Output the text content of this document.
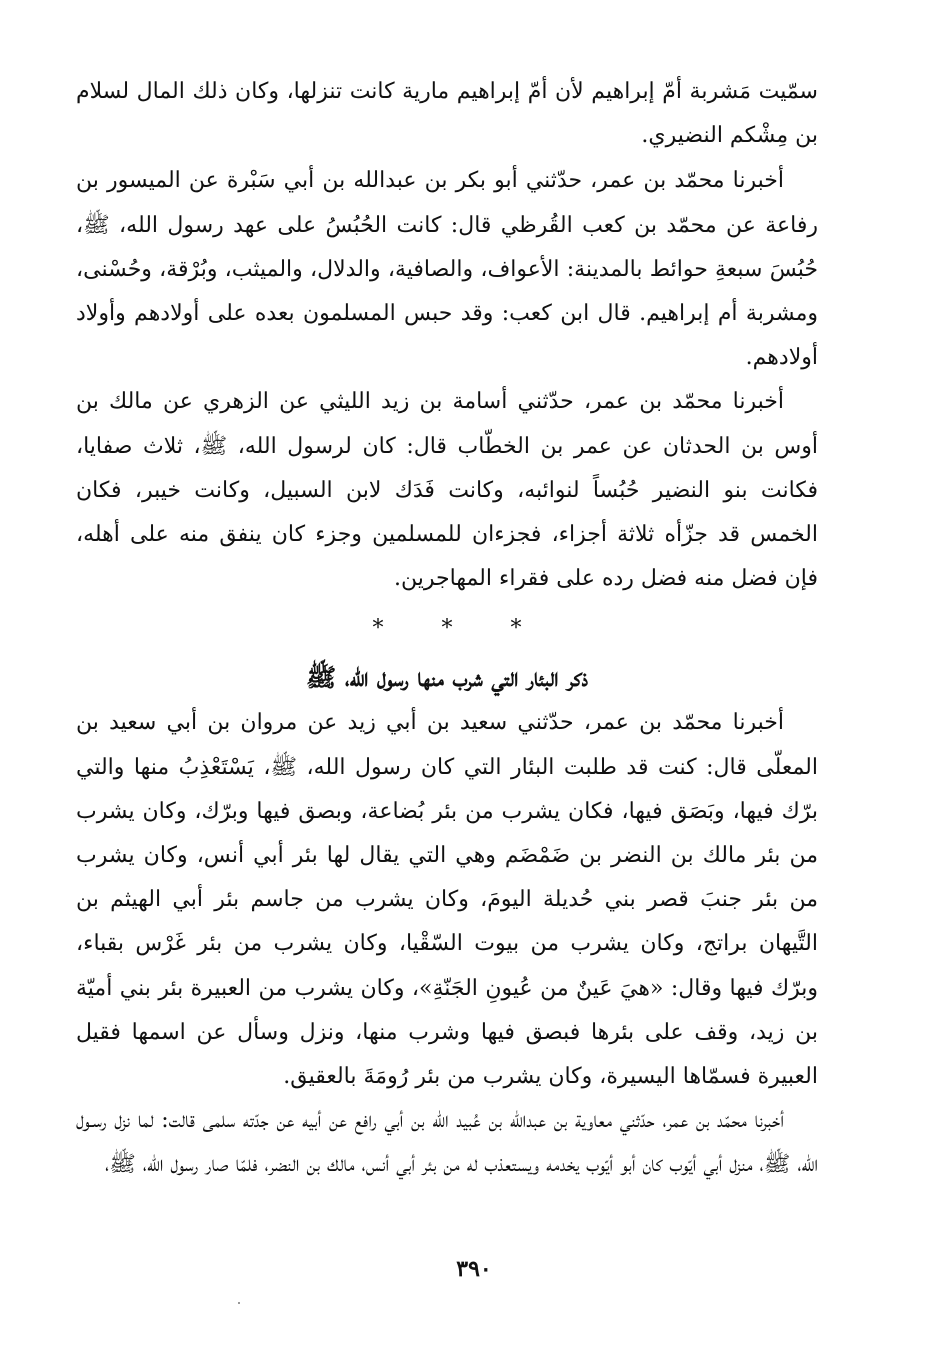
سمّيت مَشربة أمّ إبراهيم لأن أمّ إبراهيم مارية كانت تنزلها، وكان ذلك المال لسلام بن مِشْكم النضيري.

أخبرنا محمّد بن عمر، حدّثني أبو بكر بن عبدالله بن أبي سَبْرة عن الميسور بن رفاعة عن محمّد بن كعب القُرظي قال: كانت الحُبُسُ على عهد رسول الله، ﷺ، حُبُسَ سبعةِ حوائط بالمدينة: الأعواف، والصافية، والدلال، والميثب، وبُرْقة، وحُسْنى، ومشربة أم إبراهيم. قال ابن كعب: وقد حبس المسلمون بعده على أولادهم وأولاد أولادهم.

أخبرنا محمّد بن عمر، حدّثني أسامة بن زيد الليثي عن الزهري عن مالك بن أوس بن الحدثان عن عمر بن الخطّاب قال: كان لرسول الله، ﷺ، ثلاث صفايا، فكانت بنو النضير حُبُساً لنوائبه، وكانت فَدَك لابن السبيل، وكانت خيبر، فكان الخمس قد جزّأه ثلاثة أجزاء، فجزءان للمسلمين وجزء كان ينفق منه على أهله، فإن فضل منه فضل رده على فقراء المهاجرين.

*	*	*
ذكر البئار التي شرب منها رسول الله، ﷺ

أخبرنا محمّد بن عمر، حدّثني سعيد بن أبي زيد عن مروان بن أبي سعيد بن المعلّى قال: كنت قد طلبت البئار التي كان رسول الله، ﷺ، يَسْتَعْذِبُ منها والتي برّك فيها، وبَصَق فيها، فكان يشرب من بئر بُضاعة، وبصق فيها وبرّك، وكان يشرب من بئر مالك بن النضر بن ضَمْضَم وهي التي يقال لها بئر أبي أنس، وكان يشرب من بئر جنبَ قصر بني حُديلة اليومَ، وكان يشرب من جاسم بئر أبي الهيثم بن التَّيهان براتج، وكان يشرب من بيوت السّقْيا، وكان يشرب من بئر غَرْس بقباء، وبرّك فيها وقال: «هيَ عَينٌ من عُيونِ الجَنّةِ»، وكان يشرب من العبيرة بئر بني أميّة بن زيد، وقف على بئرها فبصق فيها وشرب منها، ونزل وسأل عن اسمها فقيل العبيرة فسمّاها اليسيرة، وكان يشرب من بئر رُومَةَ بالعقيق.

أخبرنا محمّد بن عمر، حدّثني معاوية بن عبدالله بن عُبيد الله بن أبي رافع عن أبيه عن جدّته سلمى قالت: لما نزل رسـول الله، ﷺ، منزل أبي أيّوب كان أبو أيّوب يخدمه ويستعذب له من بئر أبي أنس، مالك بن النضر، فلمّا صار رسول الله، ﷺ،

٣٩٠
